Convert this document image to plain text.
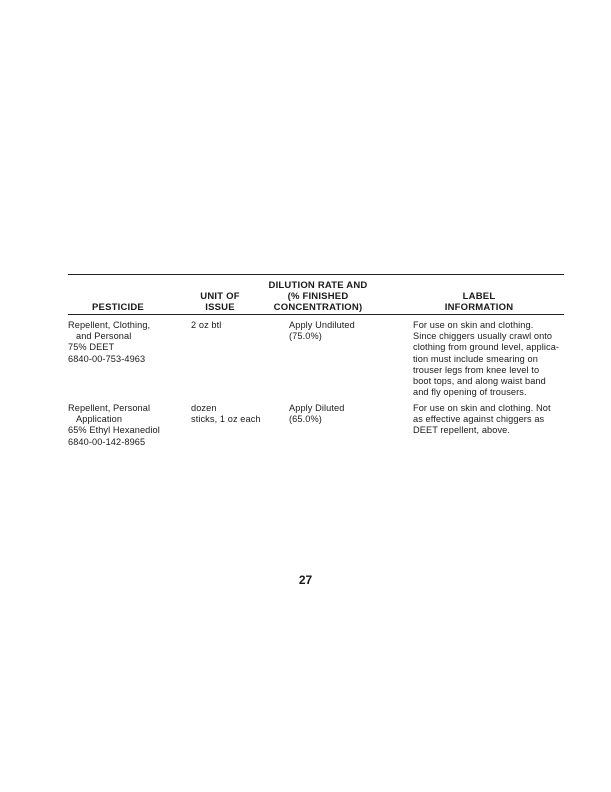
PESTICIDE
UNIT OF
ISSUE
DILUTION RATE AND
(% FINISHED
CONCENTRATION)
LABEL
INFORMATION
Repellent, Clothing,
and Personal
75% DEET
6840-00-753-4963
2 oz btl	Apply Undiluted
(75.0%)
For use on skin and clothing.
Since chiggers usually crawl onto
clothing from ground level, applica-
tion must include smearing on
trouser legs from knee level to
boot tops, and along waist band
and fly opening of trousers.
Repellent, Personal
Application
65% Ethyl Hexanediol
6840-00-142-8965
dozen
sticks, 1 oz each
Apply Diluted
(65.0%)
For use on skin and clothing. Not
as effective against chiggers as
DEET repellent, above.
27
